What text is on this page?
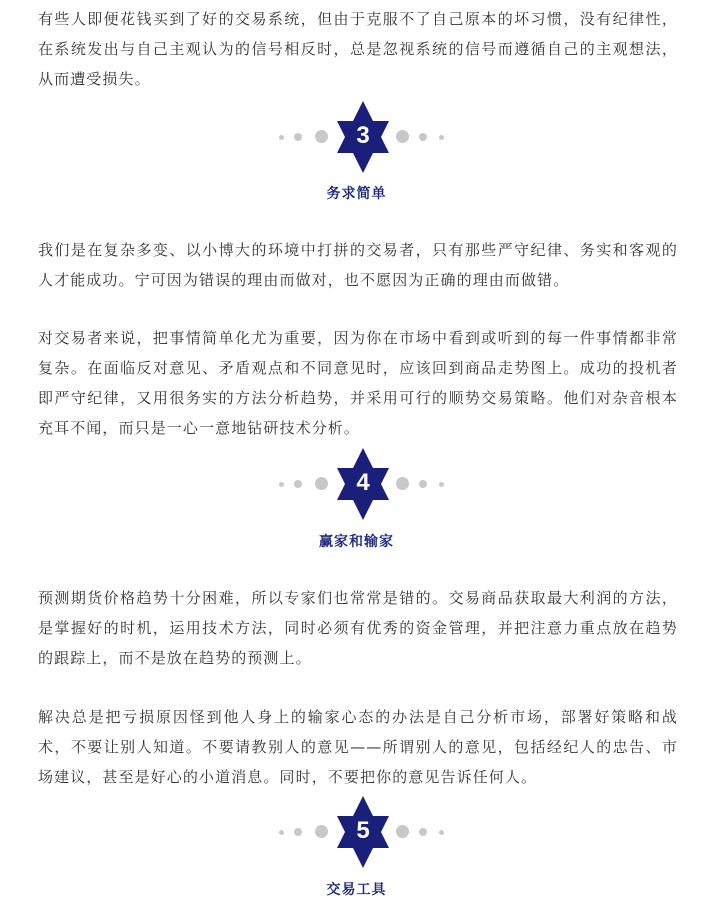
有些人即便花钱买到了好的交易系统，但由于克服不了自己原本的坏习惯，没有纪律性，在系统发出与自己主观认为的信号相反时，总是忽视系统的信号而遵循自己的主观想法，从而遭受损失。

3
务求简单

我们是在复杂多变、以小博大的环境中打拼的交易者，只有那些严守纪律、务实和客观的人才能成功。宁可因为错误的理由而做对，也不愿因为正确的理由而做错。

对交易者来说，把事情简单化尤为重要，因为你在市场中看到或听到的每一件事情都非常复杂。在面临反对意见、矛盾观点和不同意见时，应该回到商品走势图上。成功的投机者即严守纪律，又用很务实的方法分析趋势，并采用可行的顺势交易策略。他们对杂音根本充耳不闻，而只是一心一意地钻研技术分析。

4
赢家和输家

预测期货价格趋势十分困难，所以专家们也常常是错的。交易商品获取最大利润的方法，是掌握好的时机，运用技术方法，同时必须有优秀的资金管理，并把注意力重点放在趋势的跟踪上，而不是放在趋势的预测上。

解决总是把亏损原因怪到他人身上的输家心态的办法是自己分析市场，部署好策略和战术，不要让别人知道。不要请教别人的意见——所谓别人的意见，包括经纪人的忠告、市场建议，甚至是好心的小道消息。同时，不要把你的意见告诉任何人。

5
交易工具
